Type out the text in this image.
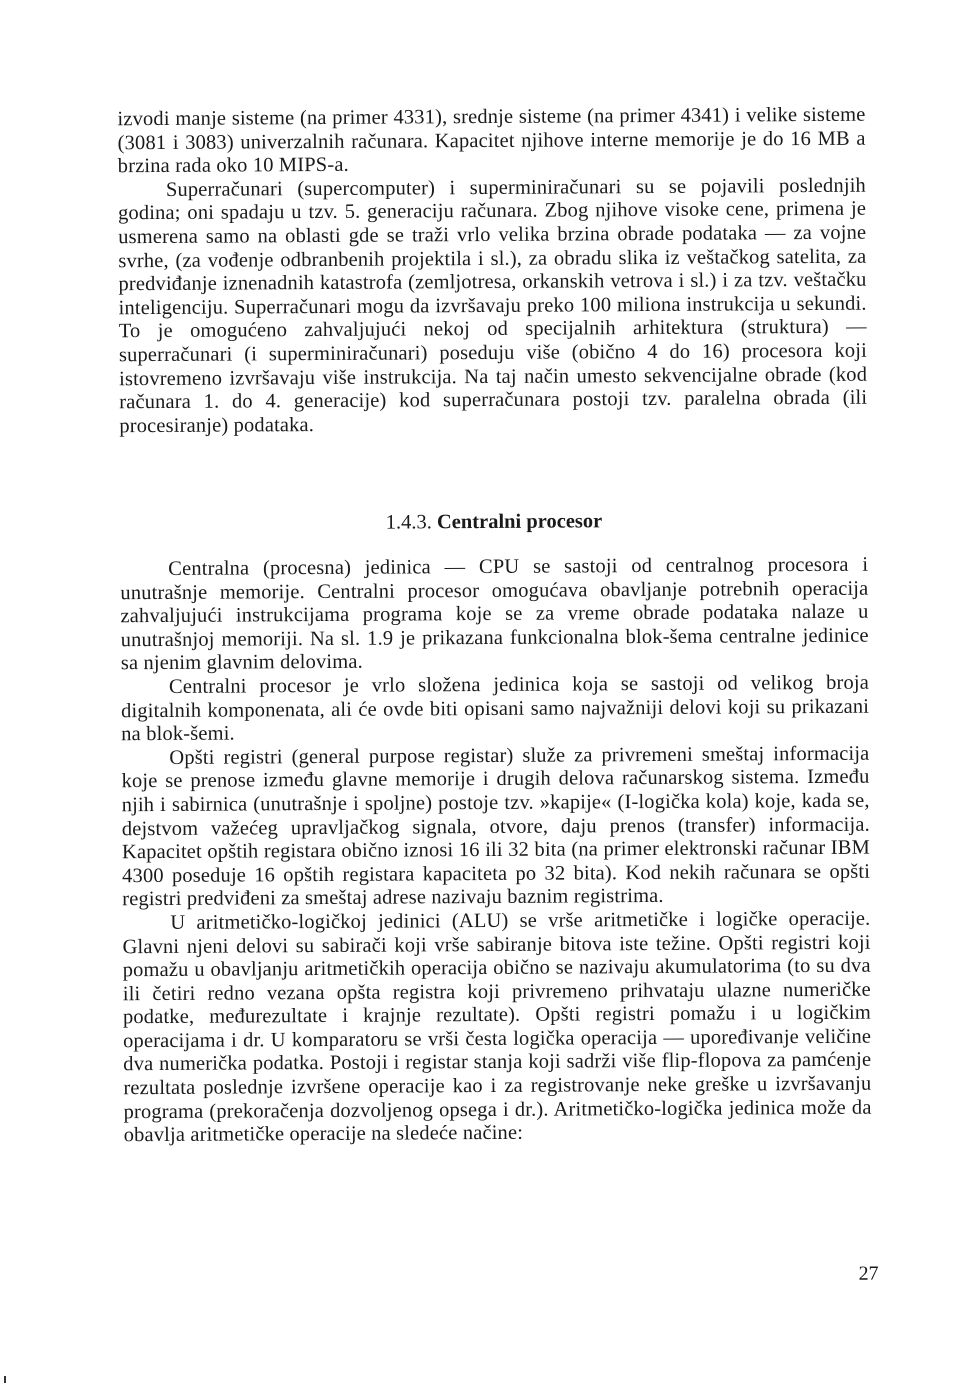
izvodi manje sisteme (na primer 4331), srednje sisteme (na primer 4341) i velike sisteme (3081 i 3083) univerzalnih računara. Kapacitet njihove interne memorije je do 16 MB a brzina rada oko 10 MIPS-a.

Superračunari (supercomputer) i superminiračunari su se pojavili poslednjih godina; oni spadaju u tzv. 5. generaciju računara. Zbog njihove visoke cene, primena je usmerena samo na oblasti gde se traži vrlo velika brzina obrade podataka — za vojne svrhe, (za vođenje odbranbenih projektila i sl.), za obradu slika iz veštačkog satelita, za predviđanje iznenadnih katastrofa (zemljotresa, orkanskih vetrova i sl.) i za tzv. veštačku inteligenciju. Superračunari mogu da izvršavaju preko 100 miliona instrukcija u sekundi. To je omogućeno zahvaljujući nekoj od specijalnih arhitektura (struktura) — superračunari (i superminiračunari) poseduju više (obično 4 do 16) procesora koji istovremeno izvršavaju više instrukcija. Na taj način umesto sekvencijalne obrade (kod računara 1. do 4. generacije) kod superračunara postoji tzv. paralelna obrada (ili procesiranje) podataka.

1.4.3. Centralni procesor

Centralna (procesna) jedinica — CPU se sastoji od centralnog procesora i unutrašnje memorije. Centralni procesor omogućava obavljanje potrebnih operacija zahvaljujući instrukcijama programa koje se za vreme obrade podataka nalaze u unutrašnjoj memoriji. Na sl. 1.9 je prikazana funkcionalna blok-šema centralne jedinice sa njenim glavnim delovima.

Centralni procesor je vrlo složena jedinica koja se sastoji od velikog broja digitalnih komponenata, ali će ovde biti opisani samo najvažniji delovi koji su prikazani na blok-šemi.

Opšti registri (general purpose registar) služe za privremeni smeštaj informacija koje se prenose između glavne memorije i drugih delova računarskog sistema. Između njih i sabirnica (unutrašnje i spoljne) postoje tzv. »kapije« (I-logička kola) koje, kada se, dejstvom važećeg upravljačkog signala, otvore, daju prenos (transfer) informacija. Kapacitet opštih registara obično iznosi 16 ili 32 bita (na primer elektronski računar IBM 4300 poseduje 16 opštih registara kapaciteta po 32 bita). Kod nekih računara se opšti registri predviđeni za smeštaj adrese nazivaju baznim registrima.

U aritmetičko-logičkoj jedinici (ALU) se vrše aritmetičke i logičke operacije. Glavni njeni delovi su sabirači koji vrše sabiranje bitova iste težine. Opšti registri koji pomažu u obavljanju aritmetičkih operacija obično se nazivaju akumulatorima (to su dva ili četiri redno vezana opšta registra koji privremeno prihvataju ulazne numeričke podatke, međurezultate i krajnje rezultate). Opšti registri pomažu i u logičkim operacijama i dr. U komparatoru se vrši česta logička operacija — upoređivanje veličine dva numerička podatka. Postoji i registar stanja koji sadrži više flip-flopova za pamćenje rezultata poslednje izvršene operacije kao i za registrovanje neke greške u izvršavanju programa (prekoračenja dozvoljenog opsega i dr.). Aritmetičko-logička jedinica može da obavlja aritmetičke operacije na sledeće načine:

27
